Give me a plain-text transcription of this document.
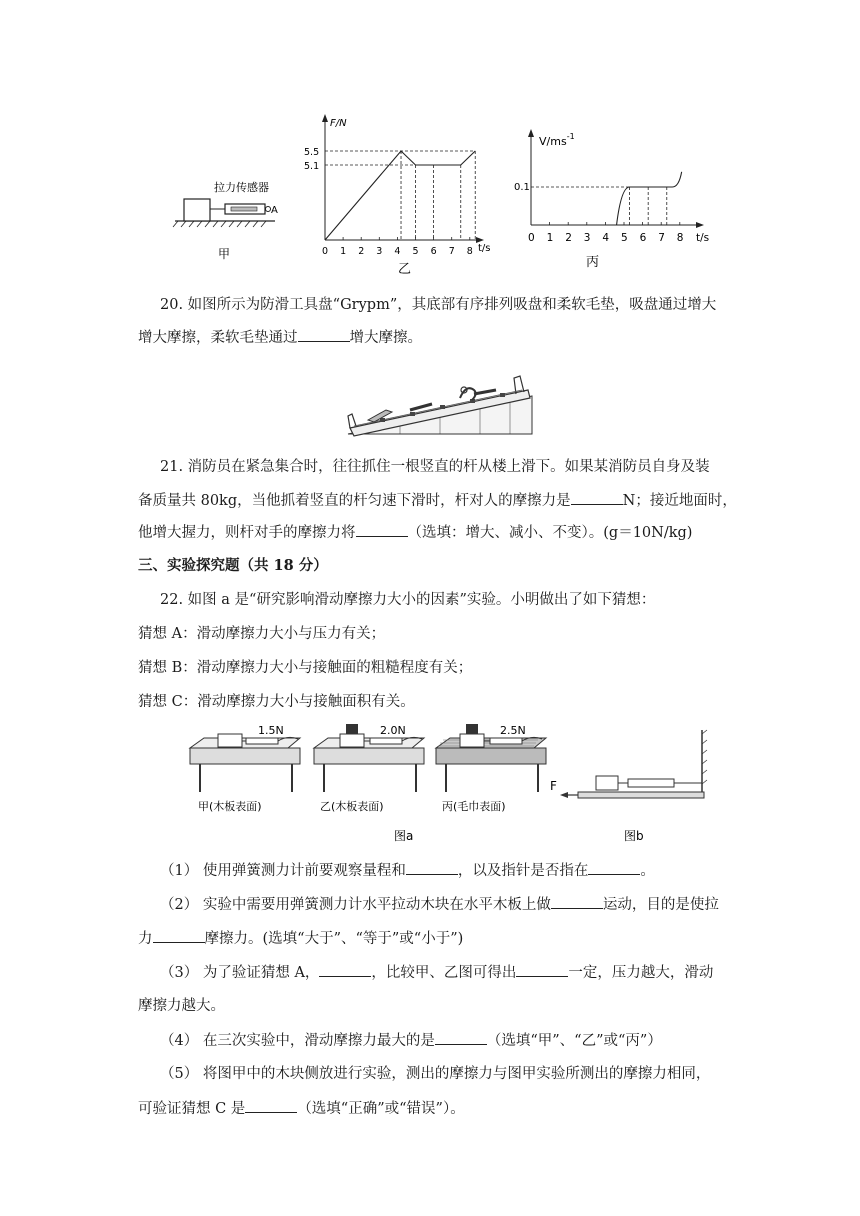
拉力传感器
A
甲
F/N
t/s
5.5
5.1
0 1 2 3 4 5 6 7 8
乙
$V/ms^{-1}$
t/s
0.1
0 1 2 3 4 5 6 7 8
丙
20. 如图所示为防滑工具盘“Grypm”，其底部有序排列吸盘和柔软毛垫，吸盘通过增大
增大摩擦，柔软毛垫通过	增大摩擦。
21. 消防员在紧急集合时，往往抓住一根竖直的杆从楼上滑下。如果某消防员自身及装
备质量共 80kg，当他抓着竖直的杆匀速下滑时，杆对人的摩擦力是	N；接近地面时，
他增大握力，则杆对手的摩擦力将	（选填：增大、减小、不变）。(g＝10N/kg)
三、实验探究题（共 18 分）
22. 如图 a 是“研究影响滑动摩擦力大小的因素”实验。小明做出了如下猜想：
猜想 A：滑动摩擦力大小与压力有关；
猜想 B：滑动摩擦力大小与接触面的粗糙程度有关；
猜想 C：滑动摩擦力大小与接触面积有关。
1.5N
甲(木板表面)
2.0N
乙(木板表面)
2.5N
丙(毛巾表面)
图a
F
图b
（1） 使用弹簧测力计前要观察量程和	，以及指针是否指在	。
（2） 实验中需要用弹簧测力计水平拉动木块在水平木板上做	运动，目的是使拉
力	摩擦力。(选填“大于”、“等于”或“小于”)
（3） 为了验证猜想 A，	，比较甲、乙图可得出	一定，压力越大，滑动
摩擦力越大。
（4） 在三次实验中，滑动摩擦力最大的是	（选填“甲”、“乙”或“丙”）
（5） 将图甲中的木块侧放进行实验，测出的摩擦力与图甲实验所测出的摩擦力相同，
可验证猜想 C 是	（选填“正确”或“错误”）。
